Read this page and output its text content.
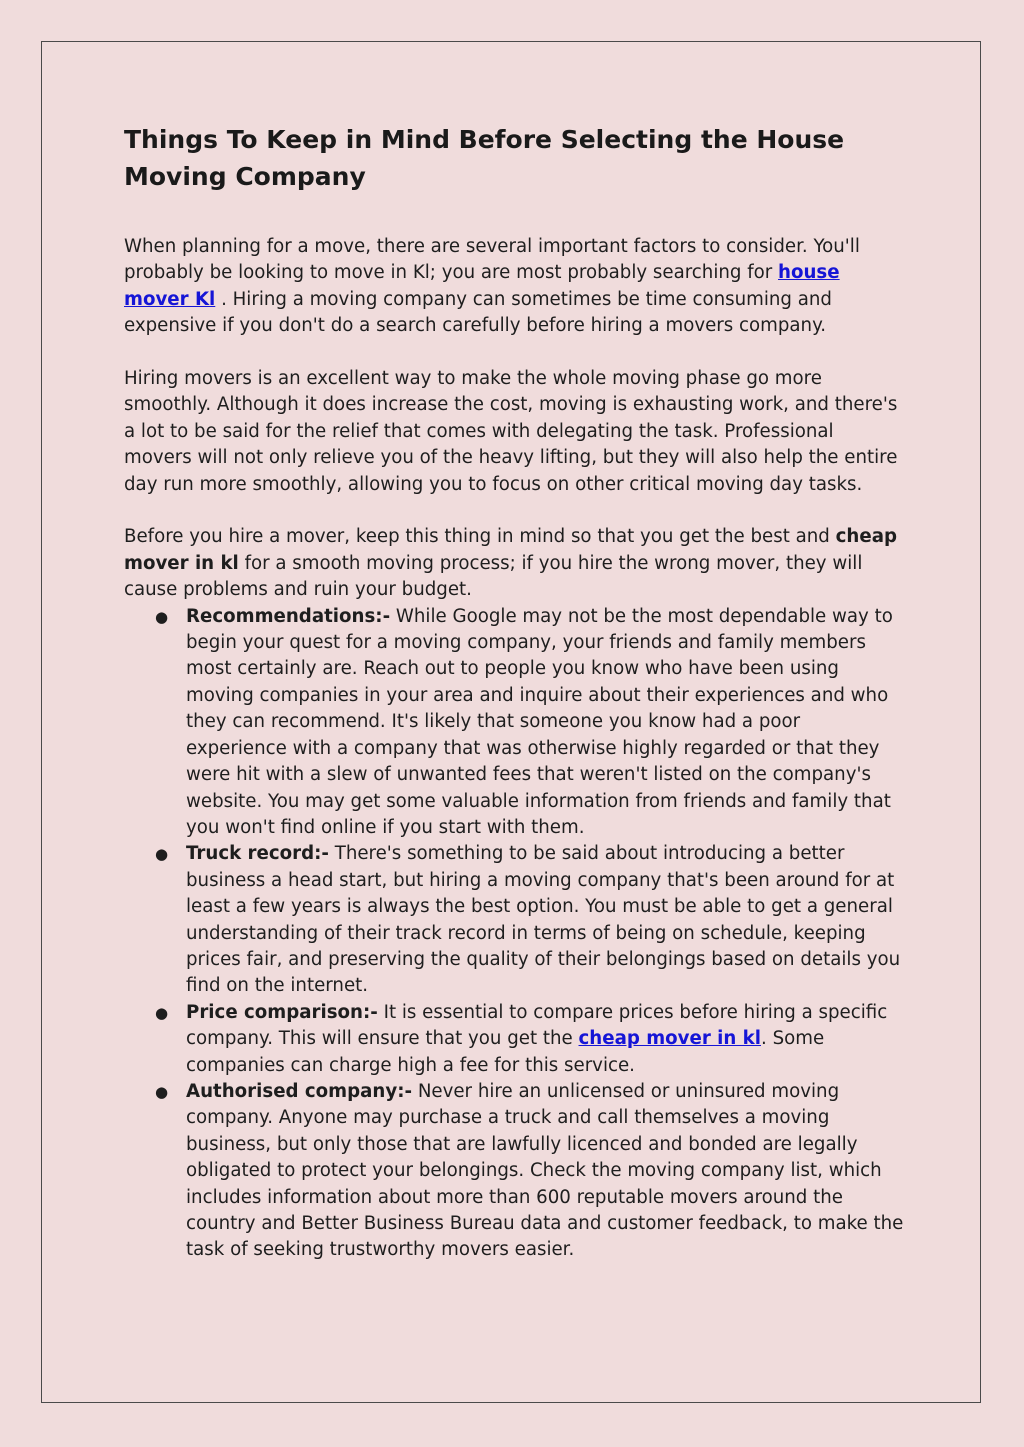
Things To Keep in Mind Before Selecting the House Moving Company

When planning for a move, there are several important factors to consider. You'll probably be looking to move in Kl; you are most probably searching for house mover Kl . Hiring a moving company can sometimes be time consuming and expensive if you don't do a search carefully before hiring a movers company.

Hiring movers is an excellent way to make the whole moving phase go more smoothly. Although it does increase the cost, moving is exhausting work, and there's a lot to be said for the relief that comes with delegating the task. Professional movers will not only relieve you of the heavy lifting, but they will also help the entire day run more smoothly, allowing you to focus on other critical moving day tasks.

Before you hire a mover, keep this thing in mind so that you get the best and cheap mover in kl for a smooth moving process; if you hire the wrong mover, they will cause problems and ruin your budget.

● Recommendations:- While Google may not be the most dependable way to begin your quest for a moving company, your friends and family members most certainly are. Reach out to people you know who have been using moving companies in your area and inquire about their experiences and who they can recommend. It's likely that someone you know had a poor experience with a company that was otherwise highly regarded or that they were hit with a slew of unwanted fees that weren't listed on the company's website. You may get some valuable information from friends and family that you won't find online if you start with them.
● Truck record:- There's something to be said about introducing a better business a head start, but hiring a moving company that's been around for at least a few years is always the best option. You must be able to get a general understanding of their track record in terms of being on schedule, keeping prices fair, and preserving the quality of their belongings based on details you find on the internet.
● Price comparison:- It is essential to compare prices before hiring a specific company. This will ensure that you get the cheap mover in kl. Some companies can charge high a fee for this service.
● Authorised company:- Never hire an unlicensed or uninsured moving company. Anyone may purchase a truck and call themselves a moving business, but only those that are lawfully licenced and bonded are legally obligated to protect your belongings. Check the moving company list, which includes information about more than 600 reputable movers around the country and Better Business Bureau data and customer feedback, to make the task of seeking trustworthy movers easier.
